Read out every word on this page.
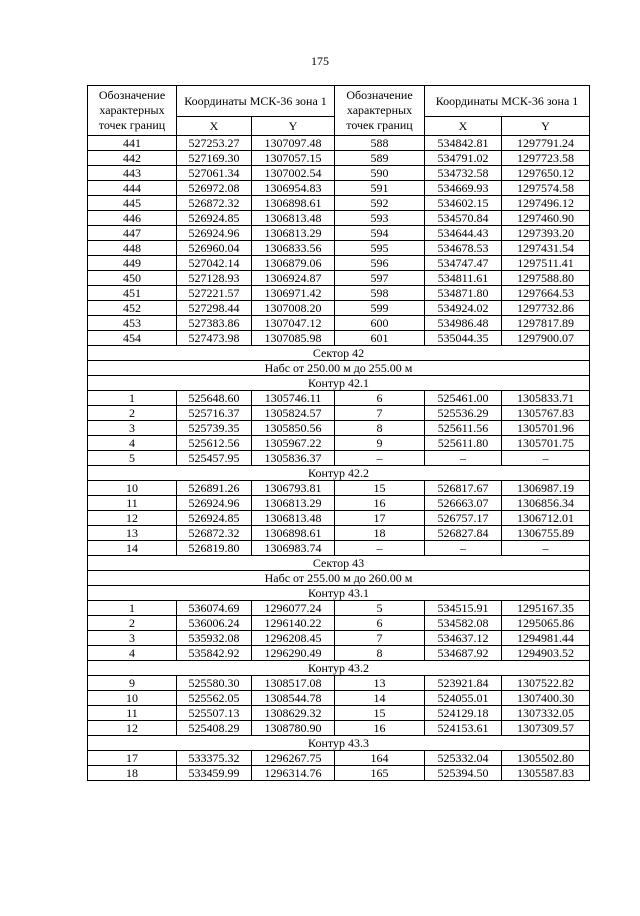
175
Обозначение характерных точек границ	Координаты МСК-36 зона 1		Обозначение характерных точек границ	Координаты МСК-36 зона 1	
	X	Y		X	Y
441	527253.27	1307097.48	588	534842.81	1297791.24
442	527169.30	1307057.15	589	534791.02	1297723.58
443	527061.34	1307002.54	590	534732.58	1297650.12
444	526972.08	1306954.83	591	534669.93	1297574.58
445	526872.32	1306898.61	592	534602.15	1297496.12
446	526924.85	1306813.48	593	534570.84	1297460.90
447	526924.96	1306813.29	594	534644.43	1297393.20
448	526960.04	1306833.56	595	534678.53	1297431.54
449	527042.14	1306879.06	596	534747.47	1297511.41
450	527128.93	1306924.87	597	534811.61	1297588.80
451	527221.57	1306971.42	598	534871.80	1297664.53
452	527298.44	1307008.20	599	534924.02	1297732.86
453	527383.86	1307047.12	600	534986.48	1297817.89
454	527473.98	1307085.98	601	535044.35	1297900.07
Сектор 42					
Набс от 250.00 м до 255.00 м					
Контур 42.1					
1	525648.60	1305746.11	6	525461.00	1305833.71
2	525716.37	1305824.57	7	525536.29	1305767.83
3	525739.35	1305850.56	8	525611.56	1305701.96
4	525612.56	1305967.22	9	525611.80	1305701.75
5	525457.95	1305836.37	–	–	–
Контур 42.2					
10	526891.26	1306793.81	15	526817.67	1306987.19
11	526924.96	1306813.29	16	526663.07	1306856.34
12	526924.85	1306813.48	17	526757.17	1306712.01
13	526872.32	1306898.61	18	526827.84	1306755.89
14	526819.80	1306983.74	–	–	–
Сектор 43					
Набс от 255.00 м до 260.00 м					
Контур 43.1					
1	536074.69	1296077.24	5	534515.91	1295167.35
2	536006.24	1296140.22	6	534582.08	1295065.86
3	535932.08	1296208.45	7	534637.12	1294981.44
4	535842.92	1296290.49	8	534687.92	1294903.52
Контур 43.2					
9	525580.30	1308517.08	13	523921.84	1307522.82
10	525562.05	1308544.78	14	524055.01	1307400.30
11	525507.13	1308629.32	15	524129.18	1307332.05
12	525408.29	1308780.90	16	524153.61	1307309.57
Контур 43.3					
17	533375.32	1296267.75	164	525332.04	1305502.80
18	533459.99	1296314.76	165	525394.50	1305587.83
